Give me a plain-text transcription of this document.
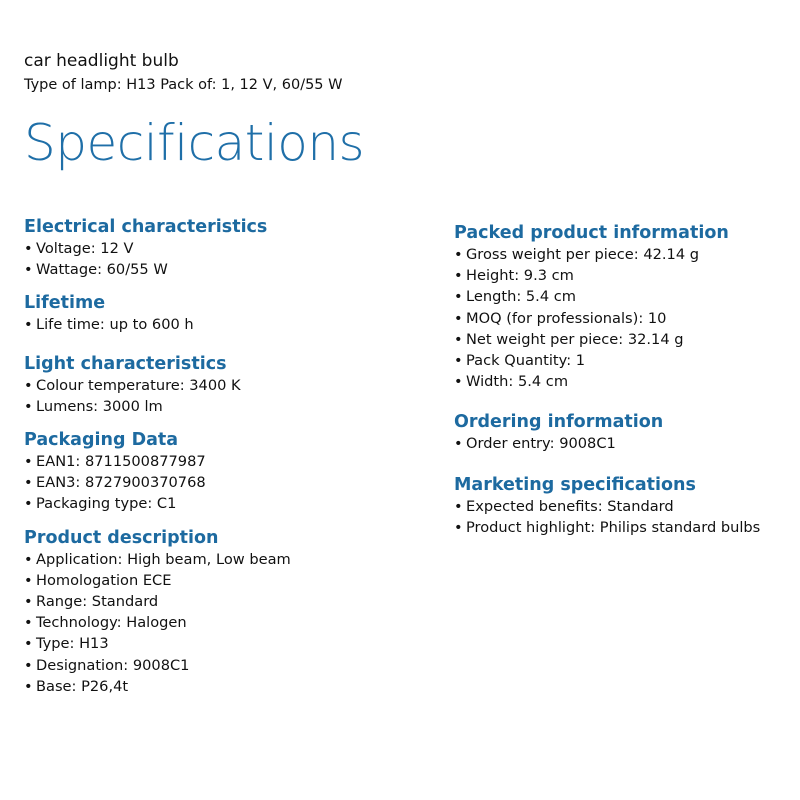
car headlight bulb

Type of lamp: H13 Pack of: 1, 12 V, 60/55 W

Specifications
Electrical characteristics
• Voltage: 12 V
• Wattage: 60/55 W
Lifetime
• Life time: up to 600 h
Light characteristics
• Colour temperature: 3400 K
• Lumens: 3000 lm
Packaging Data
• EAN1: 8711500877987
• EAN3: 8727900370768
• Packaging type: C1
Product description
• Application: High beam, Low beam
• Homologation ECE
• Range: Standard
• Technology: Halogen
• Type: H13
• Designation: 9008C1
• Base: P26,4t
Packed product information
• Gross weight per piece: 42.14 g
• Height: 9.3 cm
• Length: 5.4 cm
• MOQ (for professionals): 10
• Net weight per piece: 32.14 g
• Pack Quantity: 1
• Width: 5.4 cm
Ordering information
• Order entry: 9008C1
Marketing specifications
• Expected benefits: Standard
• Product highlight: Philips standard bulbs
